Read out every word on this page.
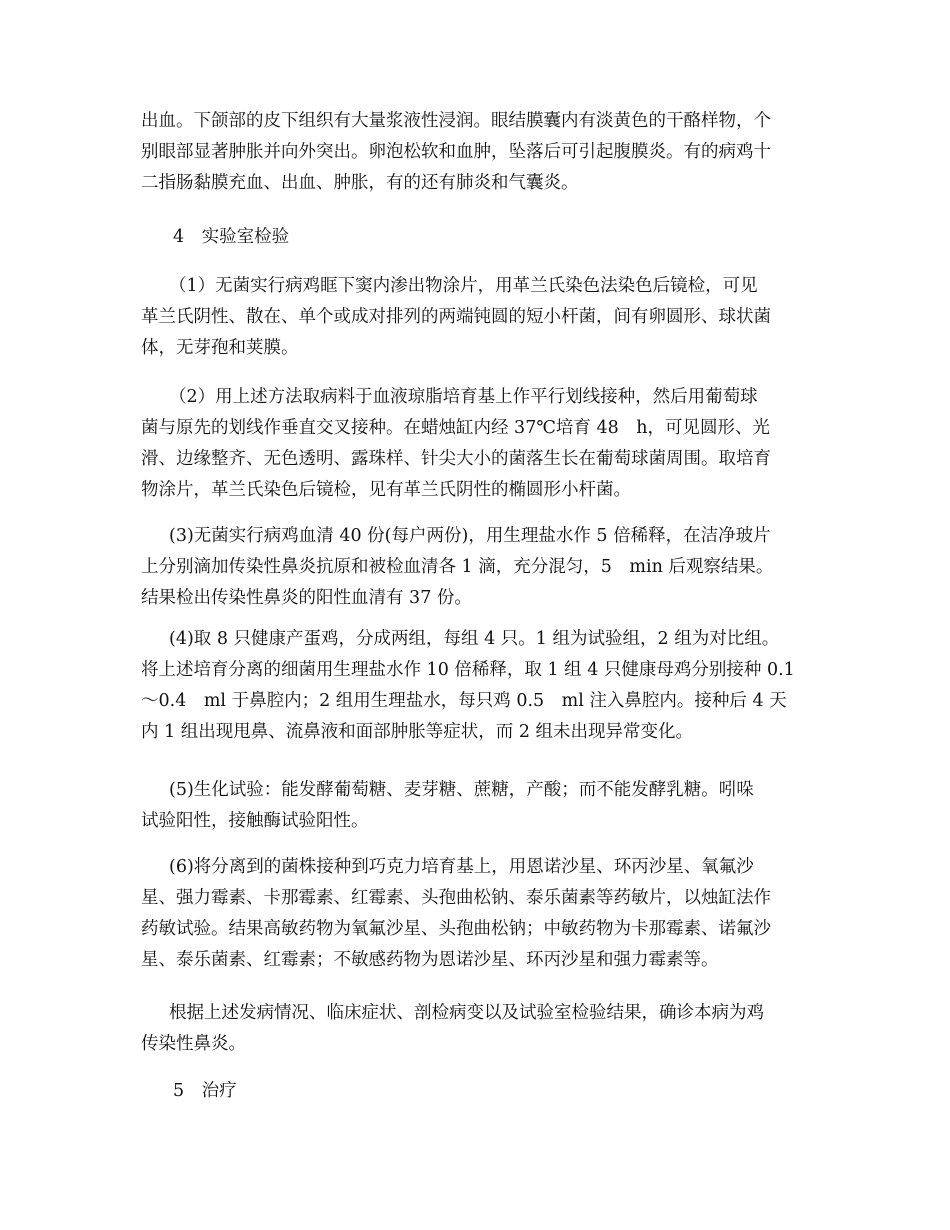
出血。下颌部的皮下组织有大量浆液性浸润。眼结膜囊内有淡黄色的干酪样物，个
别眼部显著肿胀并向外突出。卵泡松软和血肿，坠落后可引起腹膜炎。有的病鸡十
二指肠黏膜充血、出血、肿胀，有的还有肺炎和气囊炎。
4　实验室检验
（1）无菌实行病鸡眶下窦内渗出物涂片，用革兰氏染色法染色后镜检，可见
革兰氏阴性、散在、单个或成对排列的两端钝圆的短小杆菌，间有卵圆形、球状菌
体，无芽孢和荚膜。
（2）用上述方法取病料于血液琼脂培育基上作平行划线接种，然后用葡萄球
菌与原先的划线作垂直交叉接种。在蜡烛缸内经 37℃培育 48　h，可见圆形、光
滑、边缘整齐、无色透明、露珠样、针尖大小的菌落生长在葡萄球菌周围。取培育
物涂片，革兰氏染色后镜检，见有革兰氏阴性的椭圆形小杆菌。
(3)无菌实行病鸡血清 40 份(每户两份)，用生理盐水作 5 倍稀释，在洁净玻片
上分别滴加传染性鼻炎抗原和被检血清各 1 滴，充分混匀，5　min 后观察结果。
结果检出传染性鼻炎的阳性血清有 37 份。
(4)取 8 只健康产蛋鸡，分成两组，每组 4 只。1 组为试验组，2 组为对比组。
将上述培育分离的细菌用生理盐水作 10 倍稀释，取 1 组 4 只健康母鸡分别接种 0.1
～0.4　ml 于鼻腔内；2 组用生理盐水，每只鸡 0.5　ml 注入鼻腔内。接种后 4 天
内 1 组出现甩鼻、流鼻液和面部肿胀等症状，而 2 组未出现异常变化。
(5)生化试验：能发酵葡萄糖、麦芽糖、蔗糖，产酸；而不能发酵乳糖。吲哚
试验阳性，接触酶试验阳性。
(6)将分离到的菌株接种到巧克力培育基上，用恩诺沙星、环丙沙星、氧氟沙
星、强力霉素、卡那霉素、红霉素、头孢曲松钠、泰乐菌素等药敏片，以烛缸法作
药敏试验。结果高敏药物为氧氟沙星、头孢曲松钠；中敏药物为卡那霉素、诺氟沙
星、泰乐菌素、红霉素；不敏感药物为恩诺沙星、环丙沙星和强力霉素等。
根据上述发病情况、临床症状、剖检病变以及试验室检验结果，确诊本病为鸡
传染性鼻炎。
5　治疗
